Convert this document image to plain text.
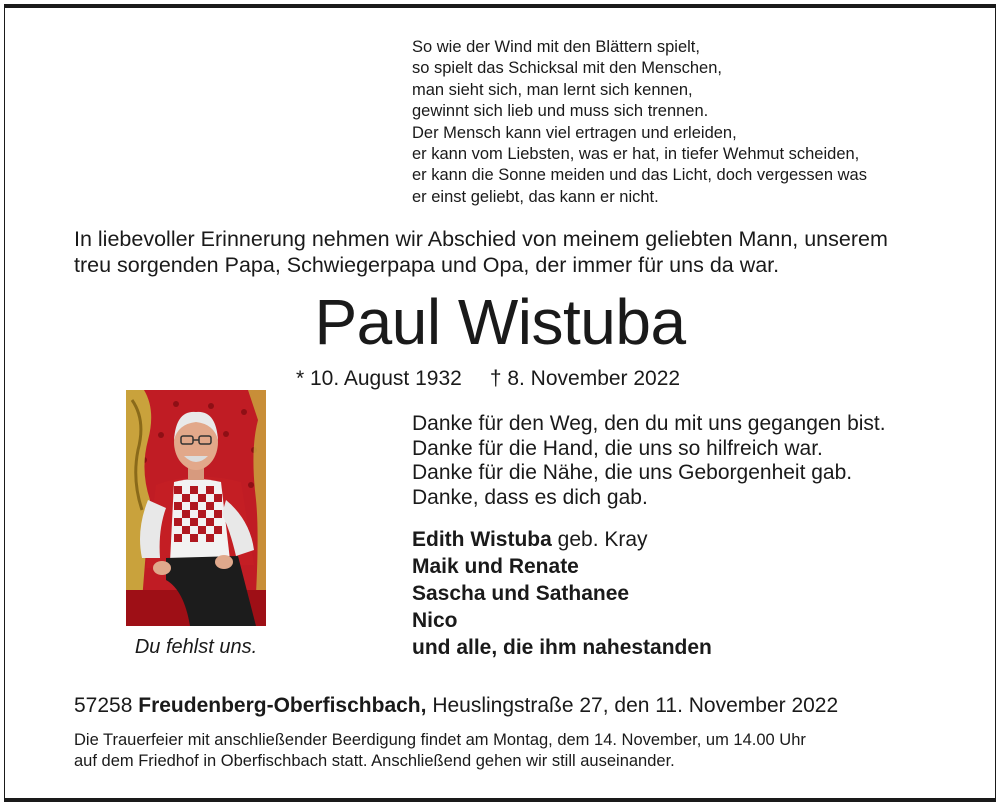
So wie der Wind mit den Blättern spielt,
so spielt das Schicksal mit den Menschen,
man sieht sich, man lernt sich kennen,
gewinnt sich lieb und muss sich trennen.
Der Mensch kann viel ertragen und erleiden,
er kann vom Liebsten, was er hat, in tiefer Wehmut scheiden,
er kann die Sonne meiden und das Licht, doch vergessen was
er einst geliebt, das kann er nicht.
In liebevoller Erinnerung nehmen wir Abschied von meinem geliebten Mann, unserem
treu sorgenden Papa, Schwiegerpapa und Opa, der immer für uns da war.
Paul Wistuba
* 10. August 1932 † 8. November 2022
Du fehlst uns.
Danke für den Weg, den du mit uns gegangen bist.
Danke für die Hand, die uns so hilfreich war.
Danke für die Nähe, die uns Geborgenheit gab.
Danke, dass es dich gab.
Edith Wistuba geb. Kray
Maik und Renate
Sascha und Sathanee
Nico
und alle, die ihm nahestanden
57258 Freudenberg-Oberfischbach, Heuslingstraße 27, den 11. November 2022
Die Trauerfeier mit anschließender Beerdigung findet am Montag, dem 14. November, um 14.00 Uhr
auf dem Friedhof in Oberfischbach statt. Anschließend gehen wir still auseinander.
